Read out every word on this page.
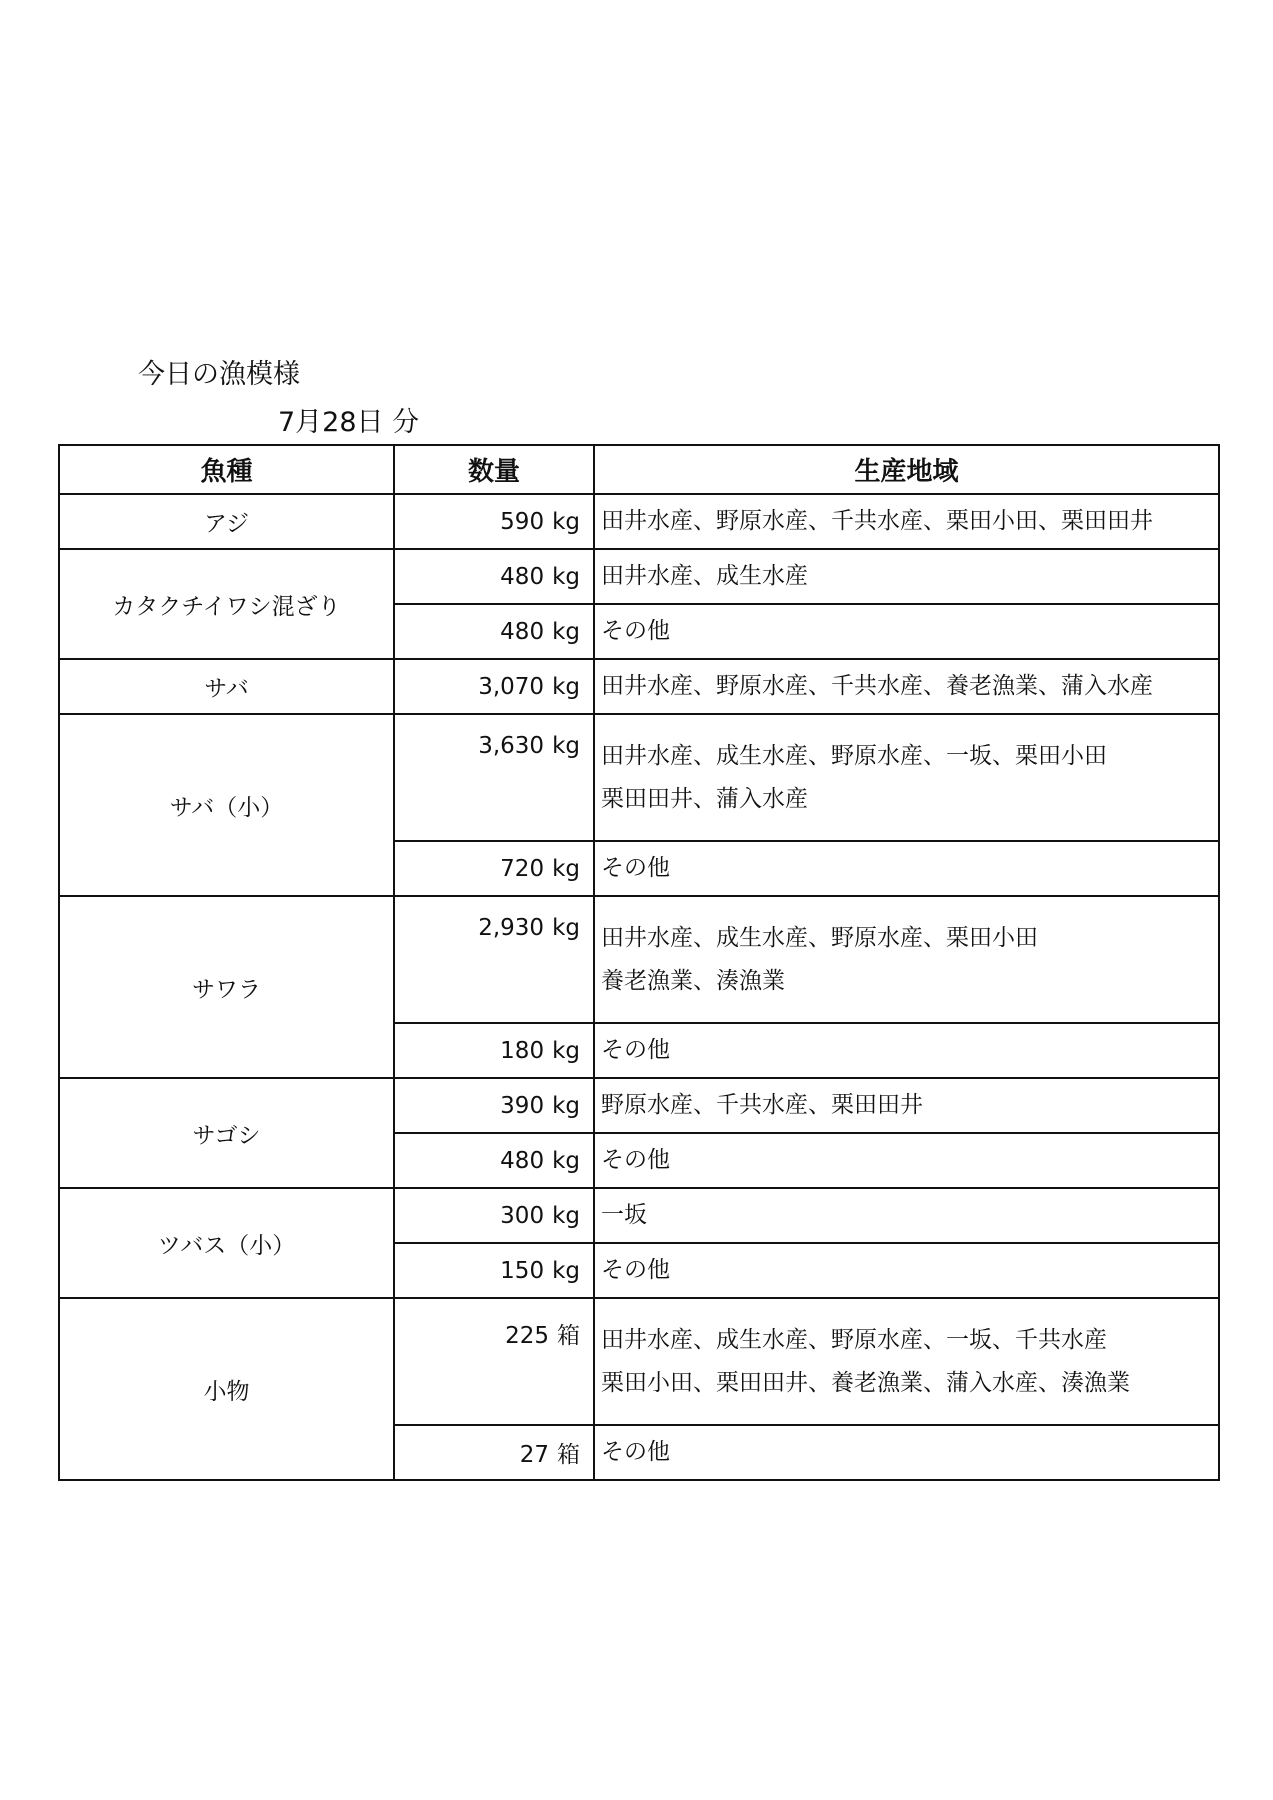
今日の漁模様
7月28日 分
魚種	数量	生産地域
アジ	590 kg	田井水産、野原水産、千共水産、栗田小田、栗田田井

カタクチイワシ混ざり	480 kg	田井水産、成生水産

	480 kg	その他

サバ	3,070 kg	田井水産、野原水産、千共水産、養老漁業、蒲入水産

サバ（小）	3,630 kg	田井水産、成生水産、野原水産、一坂、栗田小田
栗田田井、蒲入水産

	720 kg	その他

サワラ	2,930 kg	田井水産、成生水産、野原水産、栗田小田
養老漁業、湊漁業

	180 kg	その他

サゴシ	390 kg	野原水産、千共水産、栗田田井

	480 kg	その他

ツバス（小）	300 kg	一坂

	150 kg	その他

小物	225 箱	田井水産、成生水産、野原水産、一坂、千共水産
栗田小田、栗田田井、養老漁業、蒲入水産、湊漁業

	27 箱	その他
